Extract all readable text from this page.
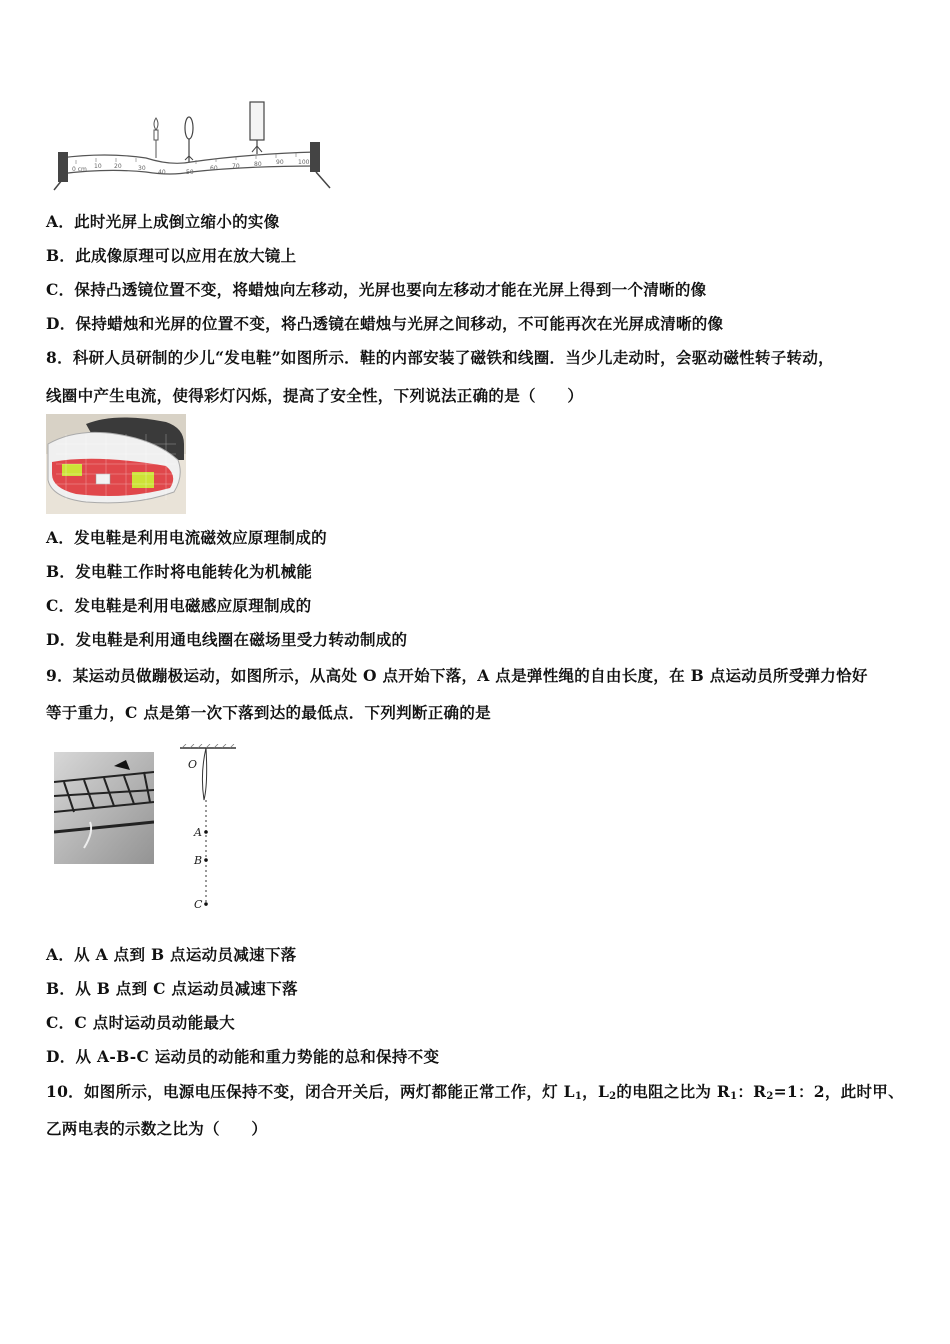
0 cm 10 20	30
40	50
60 70 80 90 100
A．此时光屏上成倒立缩小的实像
B．此成像原理可以应用在放大镜上
C．保持凸透镜位置不变，将蜡烛向左移动，光屏也要向左移动才能在光屏上得到一个清晰的像
D．保持蜡烛和光屏的位置不变，将凸透镜在蜡烛与光屏之间移动，不可能再次在光屏成清晰的像
8．科研人员研制的少儿“发电鞋”如图所示．鞋的内部安装了磁铁和线圈．当少儿走动时，会驱动磁性转子转动，
线圈中产生电流，使得彩灯闪烁，提高了安全性，下列说法正确的是（　　）
A．发电鞋是利用电流磁效应原理制成的
B．发电鞋工作时将电能转化为机械能
C．发电鞋是利用电磁感应原理制成的
D．发电鞋是利用通电线圈在磁场里受力转动制成的
9．某运动员做蹦极运动，如图所示，从高处 O 点开始下落，A 点是弹性绳的自由长度，在 B 点运动员所受弹力恰好
等于重力，C 点是第一次下落到达的最低点．下列判断正确的是
O
A
B
C
A．从 A 点到 B 点运动员减速下落
B．从 B 点到 C 点运动员减速下落
C．C 点时运动员动能最大
D．从 A-B-C 运动员的动能和重力势能的总和保持不变
10．如图所示，电源电压保持不变，闭合开关后，两灯都能正常工作，灯 $L_1$，$L_2$的电阻之比为 $R_1$：$R_2=1$：2，此时甲、
乙两电表的示数之比为（　　）
